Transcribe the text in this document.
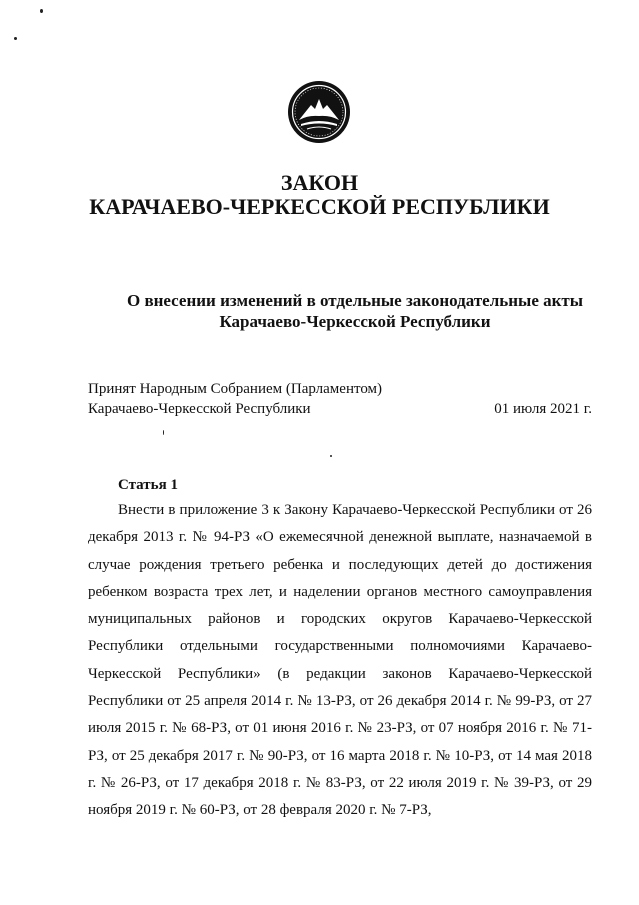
ЗАКОН
КАРАЧАЕВО-ЧЕРКЕССКОЙ РЕСПУБЛИКИ
О внесении изменений в отдельные законодательные акты
Карачаево-Черкесской Республики
Принят Народным Собранием (Парламентом)
Карачаево-Черкесской Республики	01 июля 2021 г.
Статья 1

Внести в приложение 3 к Закону Карачаево-Черкесской Республики от 26 декабря 2013 г. № 94-РЗ «О ежемесячной денежной выплате, назначаемой в случае рождения третьего ребенка и последующих детей до достижения ребенком возраста трех лет, и наделении органов местного самоуправления муниципальных районов и городских округов Карачаево-Черкесской Республики отдельными государственными полномочиями Карачаево-Черкесской Республики» (в редакции законов Карачаево-Черкесской Республики от 25 апреля 2014 г. № 13-РЗ, от 26 декабря 2014 г. № 99-РЗ, от 27 июля 2015 г. № 68-РЗ, от 01 июня 2016 г. № 23-РЗ, от 07 ноября 2016 г. № 71-РЗ, от 25 декабря 2017 г. № 90-РЗ, от 16 марта 2018 г. № 10-РЗ, от 14 мая 2018 г. № 26-РЗ, от 17 декабря 2018 г. № 83-РЗ, от 22 июля 2019 г. № 39-РЗ, от 29 ноября 2019 г. № 60-РЗ, от 28 февраля 2020 г. № 7-РЗ,
